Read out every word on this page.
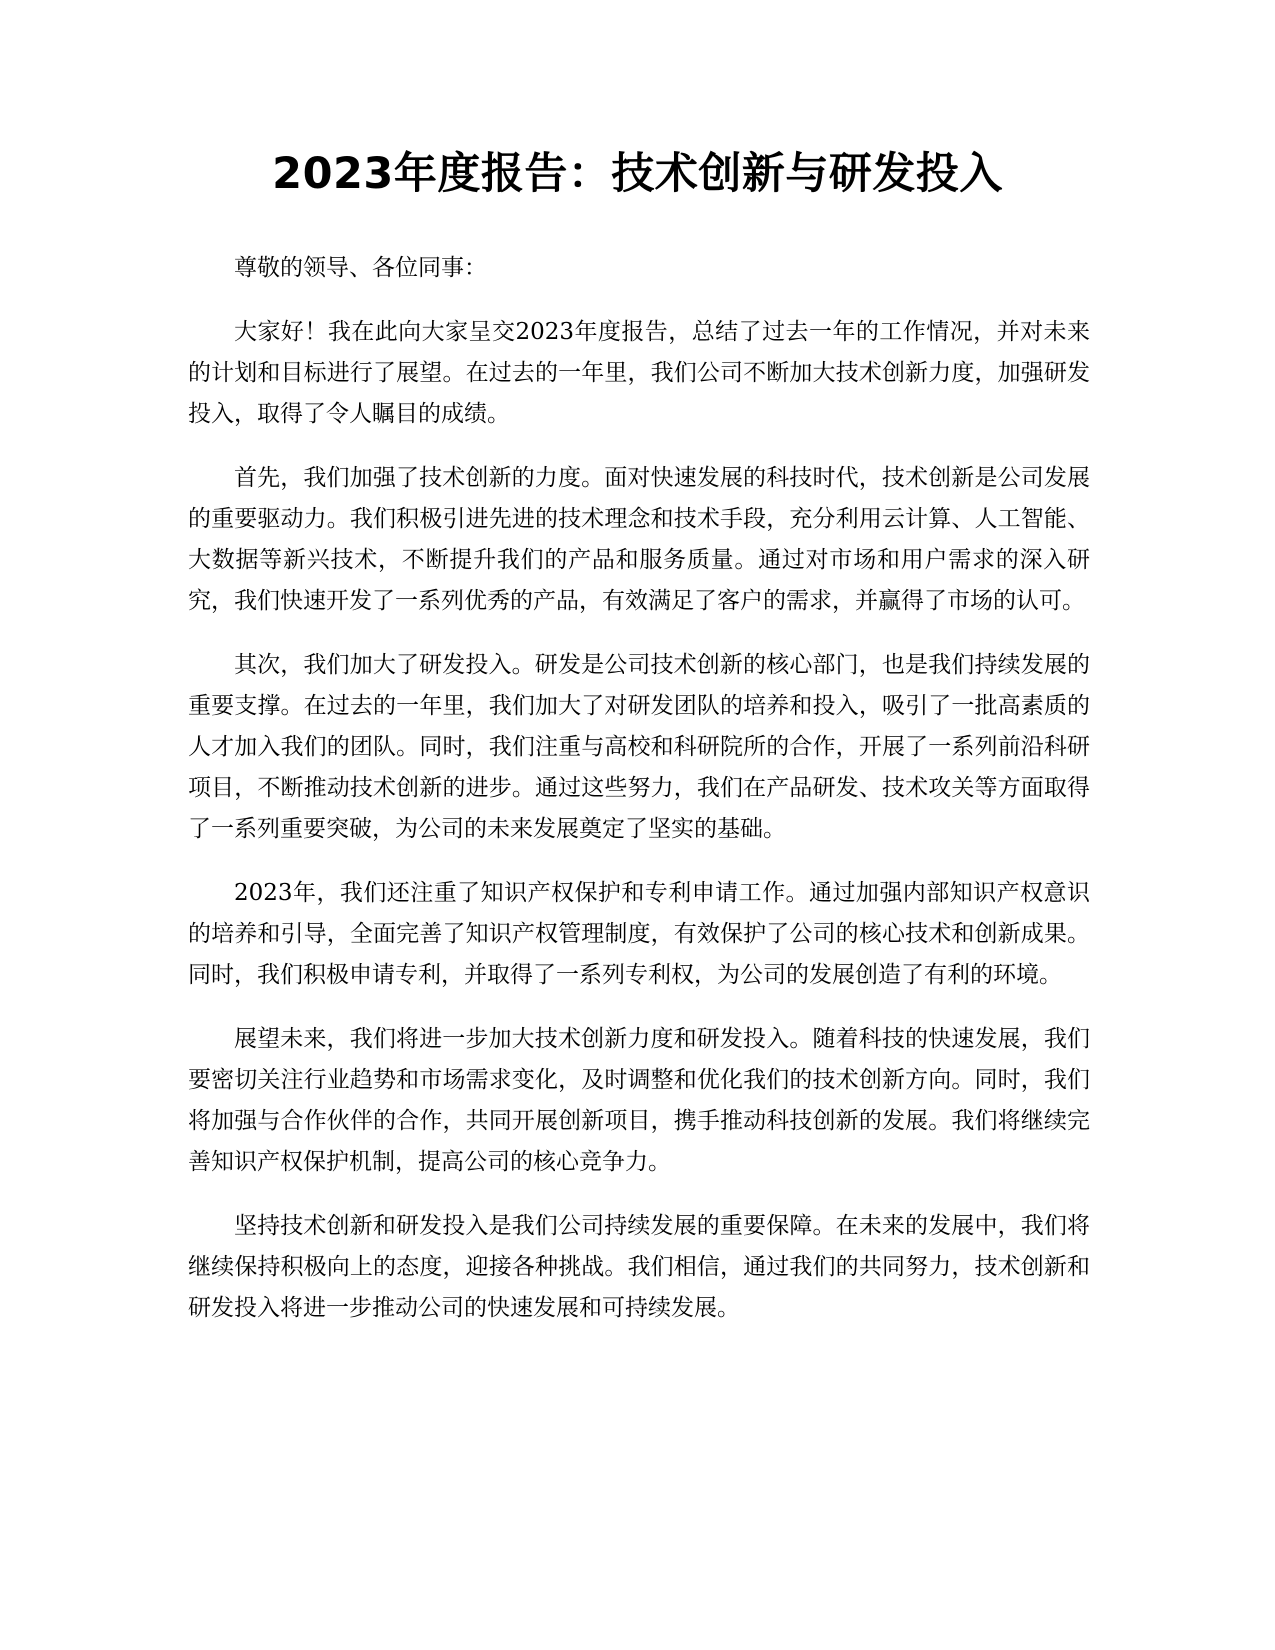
2023年度报告：技术创新与研发投入

尊敬的领导、各位同事：

大家好！我在此向大家呈交2023年度报告，总结了过去一年的工作情况，并对未来的计划和目标进行了展望。在过去的一年里，我们公司不断加大技术创新力度，加强研发投入，取得了令人瞩目的成绩。

首先，我们加强了技术创新的力度。面对快速发展的科技时代，技术创新是公司发展的重要驱动力。我们积极引进先进的技术理念和技术手段，充分利用云计算、人工智能、大数据等新兴技术，不断提升我们的产品和服务质量。通过对市场和用户需求的深入研究，我们快速开发了一系列优秀的产品，有效满足了客户的需求，并赢得了市场的认可。

其次，我们加大了研发投入。研发是公司技术创新的核心部门，也是我们持续发展的重要支撑。在过去的一年里，我们加大了对研发团队的培养和投入，吸引了一批高素质的人才加入我们的团队。同时，我们注重与高校和科研院所的合作，开展了一系列前沿科研项目，不断推动技术创新的进步。通过这些努力，我们在产品研发、技术攻关等方面取得了一系列重要突破，为公司的未来发展奠定了坚实的基础。

2023年，我们还注重了知识产权保护和专利申请工作。通过加强内部知识产权意识的培养和引导，全面完善了知识产权管理制度，有效保护了公司的核心技术和创新成果。同时，我们积极申请专利，并取得了一系列专利权，为公司的发展创造了有利的环境。

展望未来，我们将进一步加大技术创新力度和研发投入。随着科技的快速发展，我们要密切关注行业趋势和市场需求变化，及时调整和优化我们的技术创新方向。同时，我们将加强与合作伙伴的合作，共同开展创新项目，携手推动科技创新的发展。我们将继续完善知识产权保护机制，提高公司的核心竞争力。

坚持技术创新和研发投入是我们公司持续发展的重要保障。在未来的发展中，我们将继续保持积极向上的态度，迎接各种挑战。我们相信，通过我们的共同努力，技术创新和研发投入将进一步推动公司的快速发展和可持续发展。
